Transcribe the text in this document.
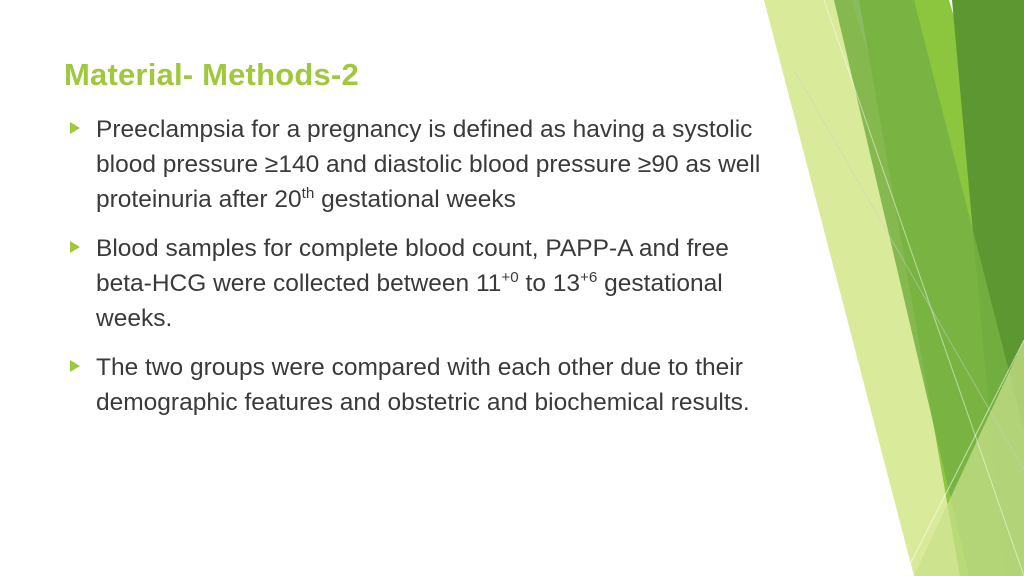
Material- Methods-2
Preeclampsia for a pregnancy is defined as having a systolic blood pressure ≥140 and diastolic blood pressure ≥90 as well proteinuria after 20th gestational weeks
Blood samples for complete blood count, PAPP-A and free beta-HCG were collected between $11^{+0}$ to $13^{+6}$ gestational weeks.
The two groups were compared with each other due to their demographic features and obstetric and biochemical results.
